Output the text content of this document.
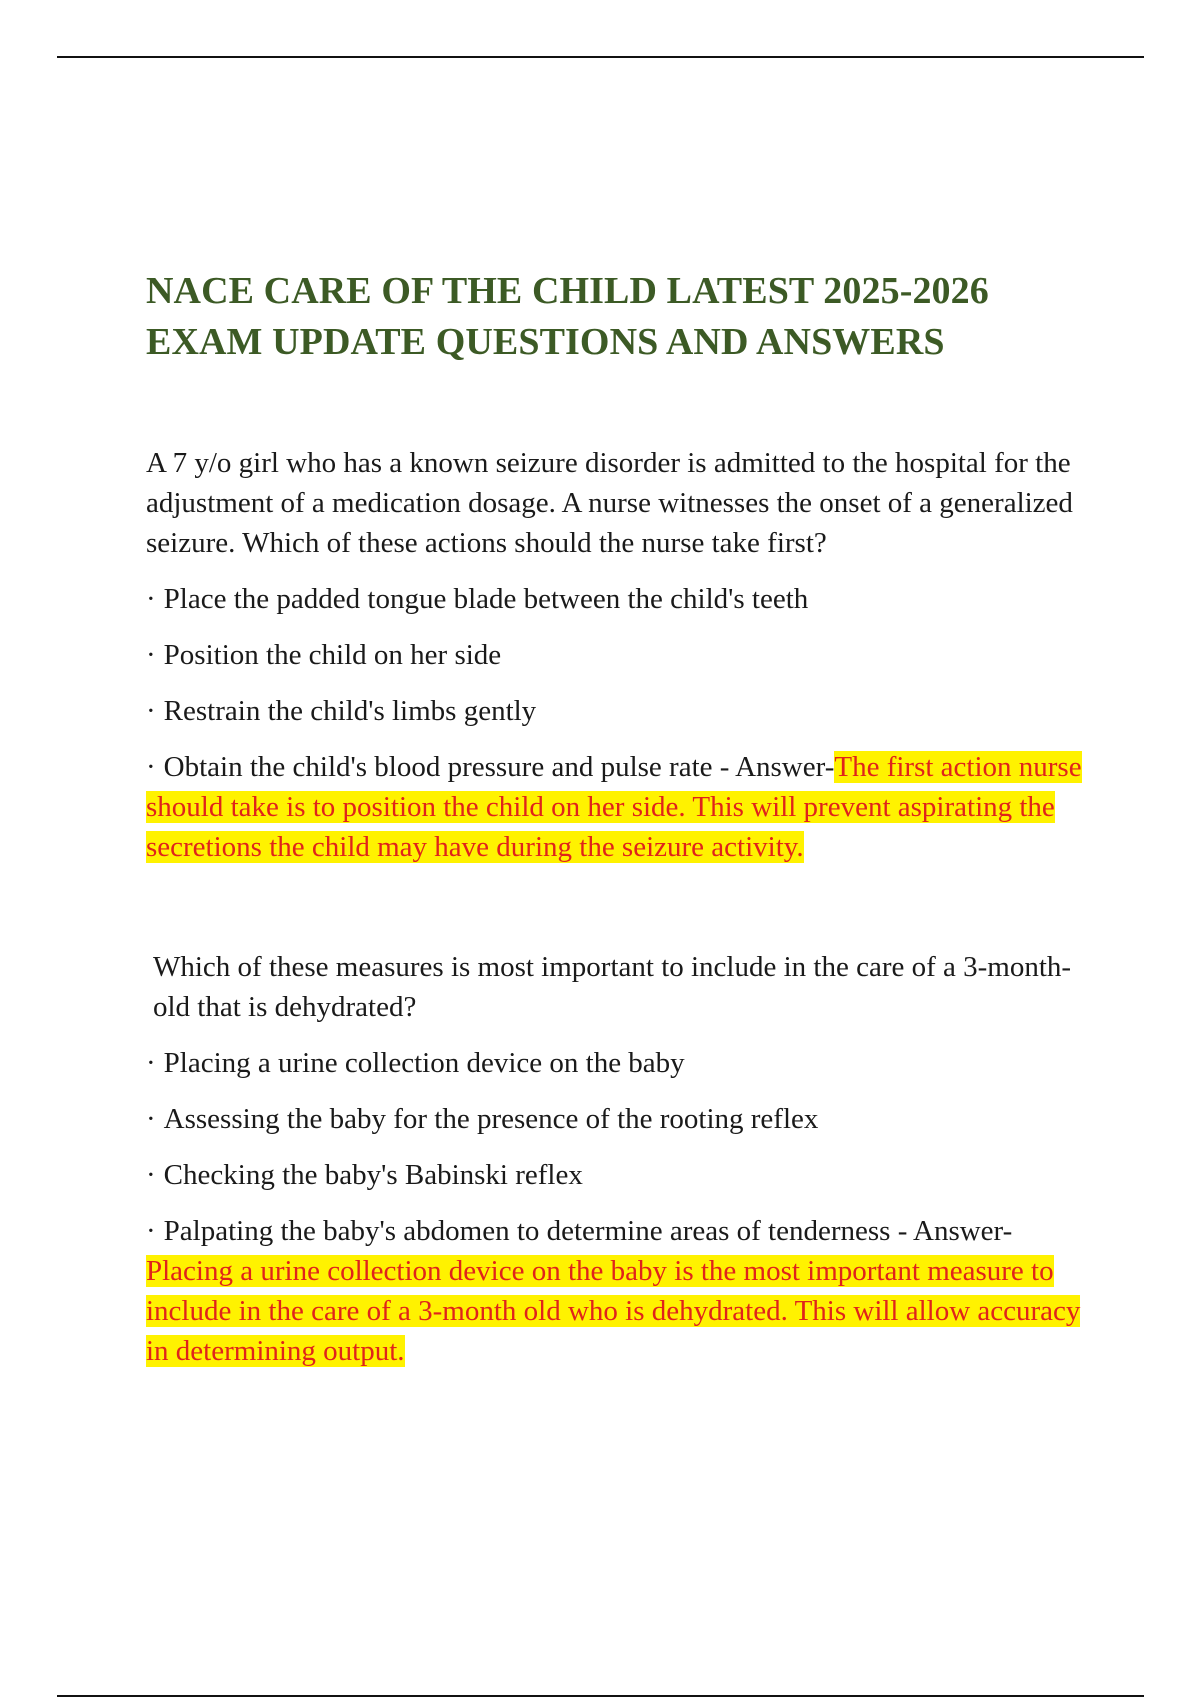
NACE CARE OF THE CHILD LATEST 2025-2026 EXAM UPDATE QUESTIONS AND ANSWERS

A 7 y/o girl who has a known seizure disorder is admitted to the hospital for the adjustment of a medication dosage. A nurse witnesses the onset of a generalized seizure. Which of these actions should the nurse take first?

· Place the padded tongue blade between the child's teeth
· Position the child on her side
· Restrain the child's limbs gently
· Obtain the child's blood pressure and pulse rate - Answer-The first action nurse should take is to position the child on her side. This will prevent aspirating the secretions the child may have during the seizure activity.

Which of these measures is most important to include in the care of a 3-month-old that is dehydrated?

· Placing a urine collection device on the baby
· Assessing the baby for the presence of the rooting reflex
· Checking the baby's Babinski reflex
· Palpating the baby's abdomen to determine areas of tenderness - Answer-Placing a urine collection device on the baby is the most important measure to include in the care of a 3-month old who is dehydrated. This will allow accuracy in determining output.
